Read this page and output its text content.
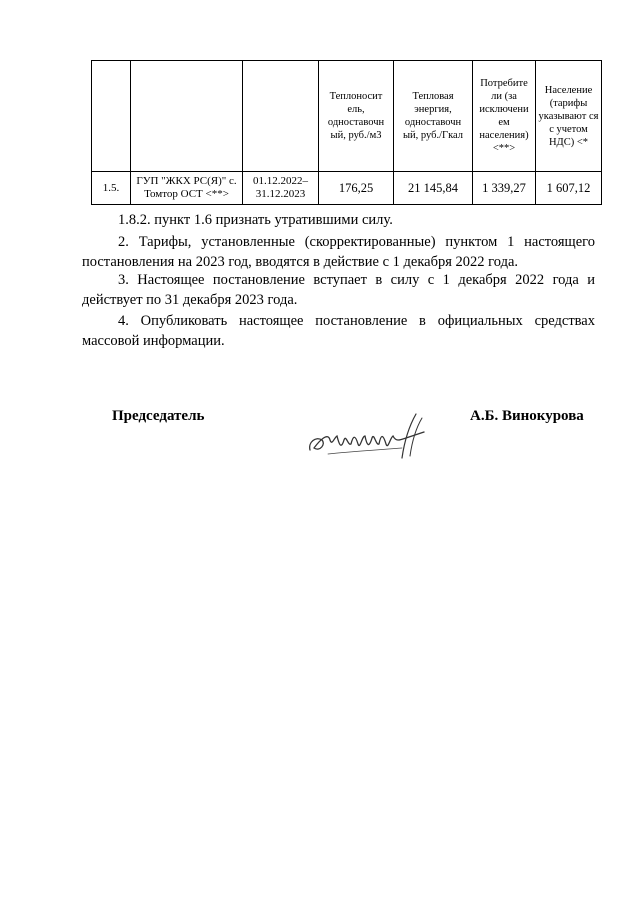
			Теплоносит ель, одноставочн ый, руб./м3	Тепловая энергия, одноставочн ый, руб./Гкал	Потребите ли (за исключени ем населения) <**>	Население (тарифы указывают ся с учетом НДС) <*
1.5.	ГУП "ЖКХ РС(Я)" с. Томтор ОСТ <**>	01.12.2022– 31.12.2023	176,25	21 145,84	1 339,27	1 607,12
1.8.2. пункт 1.6 признать утратившими силу.
2. Тарифы, установленные (скорректированные) пунктом 1 настоящего постановления на 2023 год, вводятся в действие с 1 декабря 2022 года.
3. Настоящее постановление вступает в силу с 1 декабря 2022 года и действует по 31 декабря 2023 года.
4. Опубликовать настоящее постановление в официальных средствах массовой информации.
Председатель	А.Б. Винокурова
